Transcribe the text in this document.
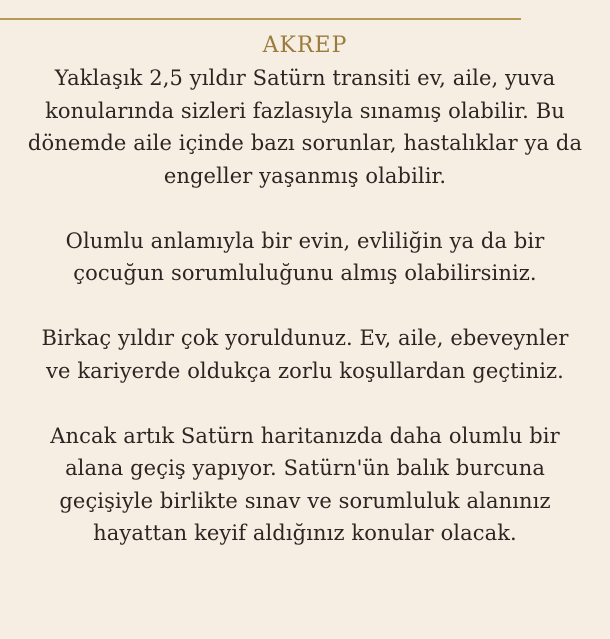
AKREP
Yaklaşık 2,5 yıldır Satürn transiti ev, aile, yuva
konularında sizleri fazlasıyla sınamış olabilir. Bu
dönemde aile içinde bazı sorunlar, hastalıklar ya da
engeller yaşanmış olabilir.
Olumlu anlamıyla bir evin, evliliğin ya da bir
çocuğun sorumluluğunu almış olabilirsiniz.
Birkaç yıldır çok yoruldunuz. Ev, aile, ebeveynler
ve kariyerde oldukça zorlu koşullardan geçtiniz.
Ancak artık Satürn haritanızda daha olumlu bir
alana geçiş yapıyor. Satürn'ün balık burcuna
geçişiyle birlikte sınav ve sorumluluk alanınız
hayattan keyif aldığınız konular olacak.
